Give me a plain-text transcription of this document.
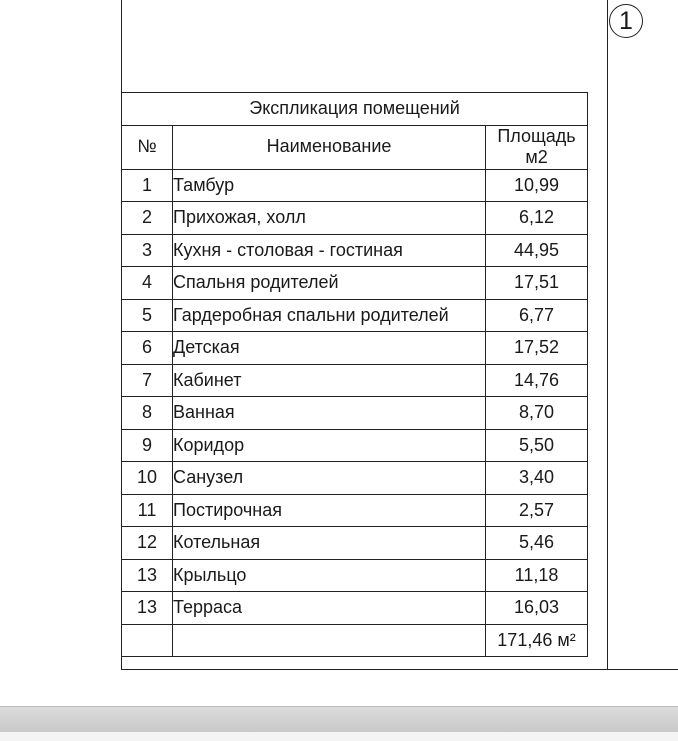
1
Экспликация помещений		
№	Наименование	Площадь
м2

1	Тамбур	10,99
2	Прихожая, холл	6,12
3	Кухня - столовая - гостиная	44,95
4	Спальня родителей	17,51
5	Гардеробная спальни родителей	6,77
6	Детская	17,52
7	Кабинет	14,76
8	Ванная	8,70
9	Коридор	5,50
10	Санузел	3,40
11	Постирочная	2,57
12	Котельная	5,46
13	Крыльцо	11,18
13	Терраса	16,03
		171,46 м²
